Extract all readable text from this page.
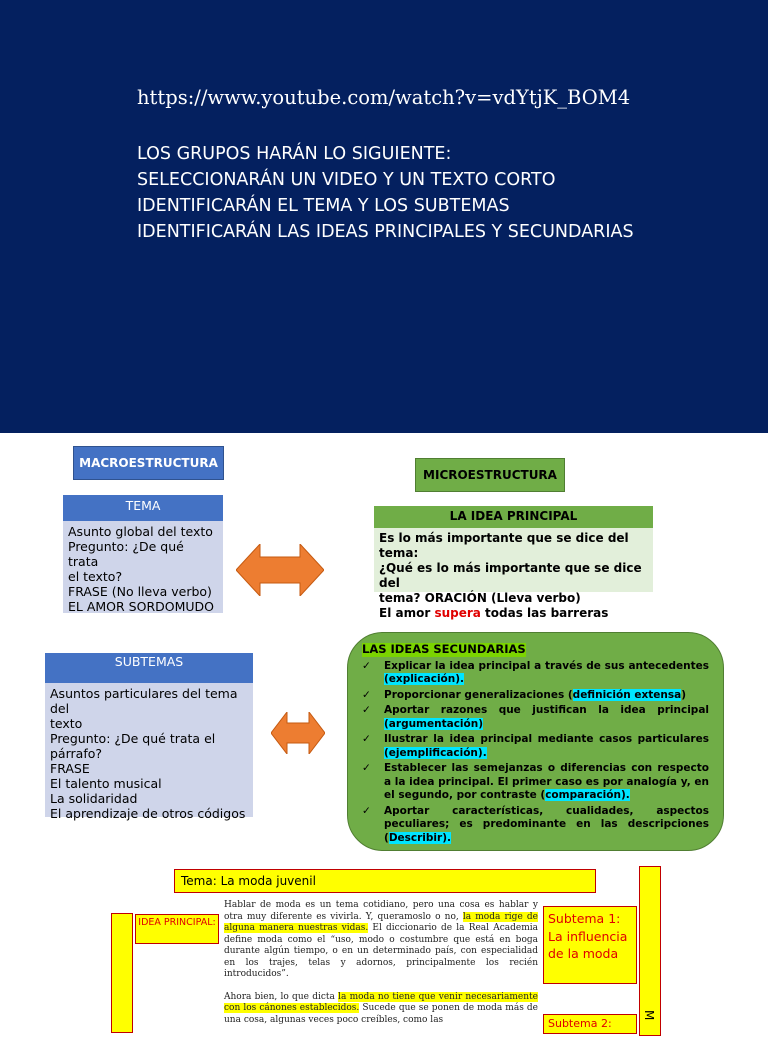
https://www.youtube.com/watch?v=vdYtjK_BOM4
LOS GRUPOS HARÁN LO SIGUIENTE:
SELECCIONARÁN UN VIDEO Y UN TEXTO CORTO
IDENTIFICARÁN EL TEMA Y LOS SUBTEMAS
IDENTIFICARÁN LAS IDEAS PRINCIPALES Y SECUNDARIAS
MACROESTRUCTURA
TEMA
Asunto global del texto
Pregunto: ¿De qué trata
el texto?
FRASE (No lleva verbo)
EL AMOR SORDOMUDO
MICROESTRUCTURA
LA IDEA PRINCIPAL
Es lo más importante que se dice del tema:
¿Qué es lo más importante que se dice del
tema? ORACIÓN (Lleva verbo)
El amor supera todas las barreras
SUBTEMAS
Asuntos particulares del tema del
texto
Pregunto: ¿De qué trata el
párrafo?
FRASE
El talento musical
La solidaridad
El aprendizaje de otros códigos
LAS IDEAS SECUNDARIAS
✓ Explicar la idea principal a través de sus antecedentes (explicación).
✓ Proporcionar generalizaciones (definición extensa)
✓ Aportar razones que justifican la idea principal (argumentación)
✓ Ilustrar la idea principal mediante casos particulares (ejemplificación).
✓ Establecer las semejanzas o diferencias con respecto a la idea principal. El primer caso es por analogía y, en el segundo, por contraste (comparación).
✓ Aportar características, cualidades, aspectos peculiares; es predominante en las descripciones (Describir).
Tema: La moda juvenil
IDEA PRINCIPAL:

Hablar de moda es un tema cotidiano, pero una cosa es hablar y otra muy diferente es vivirla. Y, queramoslo o no, la moda rige de alguna manera nuestras vidas. El diccionario de la Real Academia define moda como el “uso, modo o costumbre que está en boga durante algún tiempo, o en un determinado país, con especialidad en los trajes, telas y adornos, principalmente los recién introducidos”.

Ahora bien, lo que dicta la moda no tiene que venir necesariamente con los cánones establecidos. Sucede que se ponen de moda más de una cosa, algunas veces poco creíbles, como las

Subtema 1: La influencia de la moda
Subtema 2:
M
